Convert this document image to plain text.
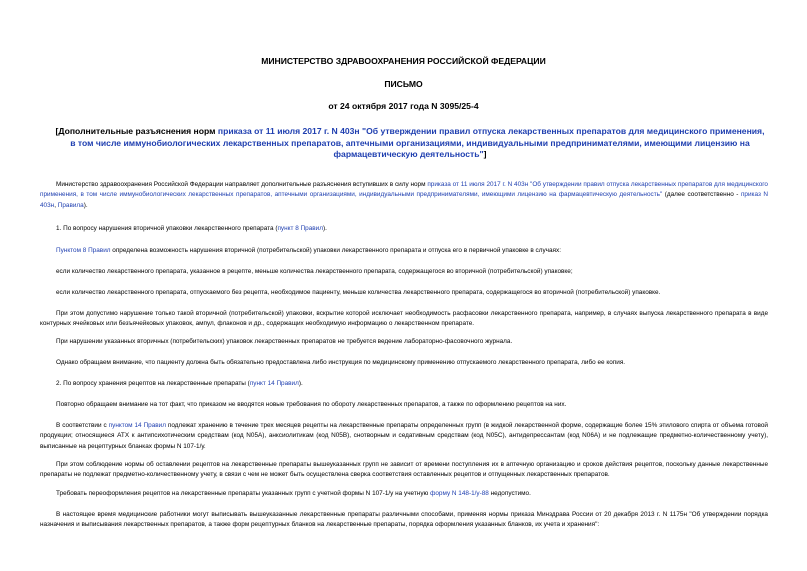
МИНИСТЕРСТВО ЗДРАВООХРАНЕНИЯ РОССИЙСКОЙ ФЕДЕРАЦИИ
ПИСЬМО
от 24 октября 2017 года N 3095/25-4
[Дополнительные разъяснения норм приказа от 11 июля 2017 г. N 403н "Об утверждении правил отпуска лекарственных препаратов для медицинского применения, в том числе иммунобиологических лекарственных препаратов, аптечными организациями, индивидуальными предпринимателями, имеющими лицензию на фармацевтическую деятельность"]
Министерство здравоохранения Российской Федерации направляет дополнительные разъяснения вступивших в силу норм приказа от 11 июля 2017 г. N 403н "Об утверждении правил отпуска лекарственных препаратов для медицинского применения, в том числе иммунобиологических лекарственных препаратов, аптечными организациями, индивидуальными предпринимателями, имеющими лицензию на фармацевтическую деятельность" (далее соответственно - приказ N 403н, Правила).
1. По вопросу нарушения вторичной упаковки лекарственного препарата (пункт 8 Правил).
Пунктом 8 Правил определена возможность нарушения вторичной (потребительской) упаковки лекарственного препарата и отпуска его в первичной упаковке в случаях:
если количество лекарственного препарата, указанное в рецепте, меньше количества лекарственного препарата, содержащегося во вторичной (потребительской) упаковке;
если количество лекарственного препарата, отпускаемого без рецепта, необходимое пациенту, меньше количества лекарственного препарата, содержащегося во вторичной (потребительской) упаковке.
При этом допустимо нарушение только такой вторичной (потребительской) упаковки, вскрытие которой исключает необходимость расфасовки лекарственного препарата, например, в случаях выпуска лекарственного препарата в виде контурных ячейковых или безъячейковых упаковок, ампул, флаконов и др., содержащих необходимую информацию о лекарственном препарате.
При нарушении указанных вторичных (потребительских) упаковок лекарственных препаратов не требуется ведение лабораторно-фасовочного журнала.
Однако обращаем внимание, что пациенту должна быть обязательно предоставлена либо инструкция по медицинскому применению отпускаемого лекарственного препарата, либо ее копия.
2. По вопросу хранения рецептов на лекарственные препараты (пункт 14 Правил).
Повторно обращаем внимание на тот факт, что приказом не вводятся новые требования по обороту лекарственных препаратов, а также по оформлению рецептов на них.
В соответствии с пунктом 14 Правил подлежат хранению в течение трех месяцев рецепты на лекарственные препараты определенных групп (в жидкой лекарственной форме, содержащие более 15% этилового спирта от объема готовой продукции; относящиеся АТХ к антипсихотическим средствам (код N05A), анксиолитикам (код N05B), снотворным и седативным средствам (код N05C), антидепрессантам (код N06A) и не подлежащие предметно-количественному учету), выписанные на рецептурных бланках формы N 107-1/у.
При этом соблюдение нормы об оставлении рецептов на лекарственные препараты вышеуказанных групп не зависит от времени поступления их в аптечную организацию и сроков действия рецептов, поскольку данные лекарственные препараты не подлежат предметно-количественному учету, в связи с чем не может быть осуществлена сверка соответствия оставленных рецептов и отпущенных лекарственных препаратов.
Требовать переоформления рецептов на лекарственные препараты указанных групп с учетной формы N 107-1/у на учетную форму N 148-1/у-88 недопустимо.
В настоящее время медицинские работники могут выписывать вышеуказанные лекарственные препараты различными способами, применяя нормы приказа Минздрава России от 20 декабря 2013 г. N 1175н "Об утверждении порядка назначения и выписывания лекарственных препаратов, а также форм рецептурных бланков на лекарственные препараты, порядка оформления указанных бланков, их учета и хранения":
